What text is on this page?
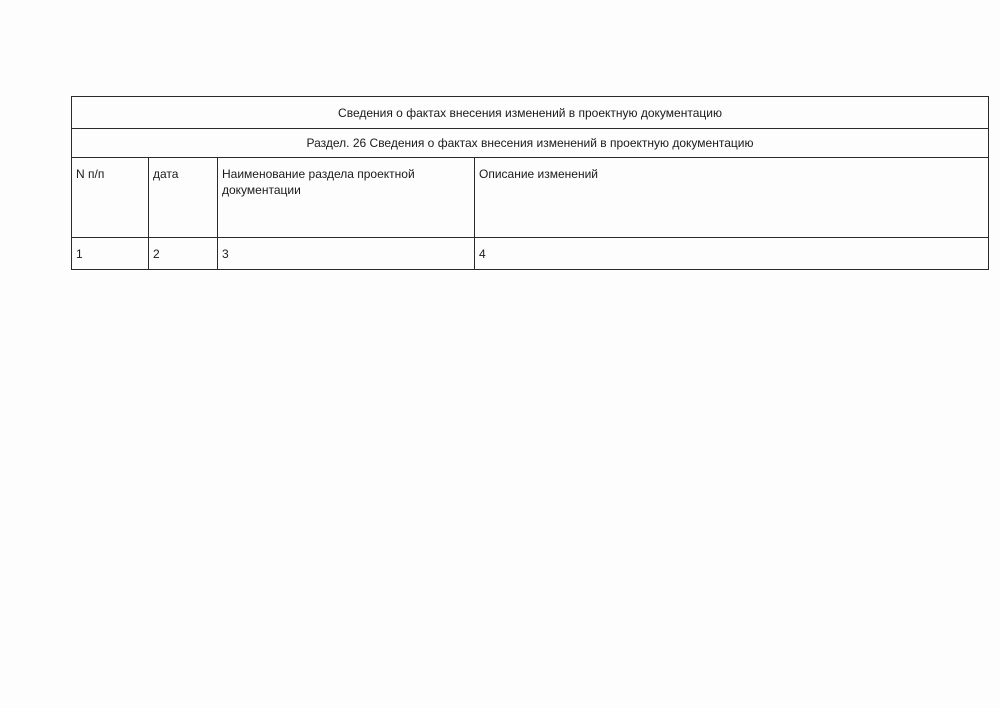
Сведения о фактах внесения изменений в проектную документацию			
Раздел. 26 Сведения о фактах внесения изменений в проектную документацию			

N п/п	дата	Наименование раздела проектной документации	Описание изменений

1	2	3	4
